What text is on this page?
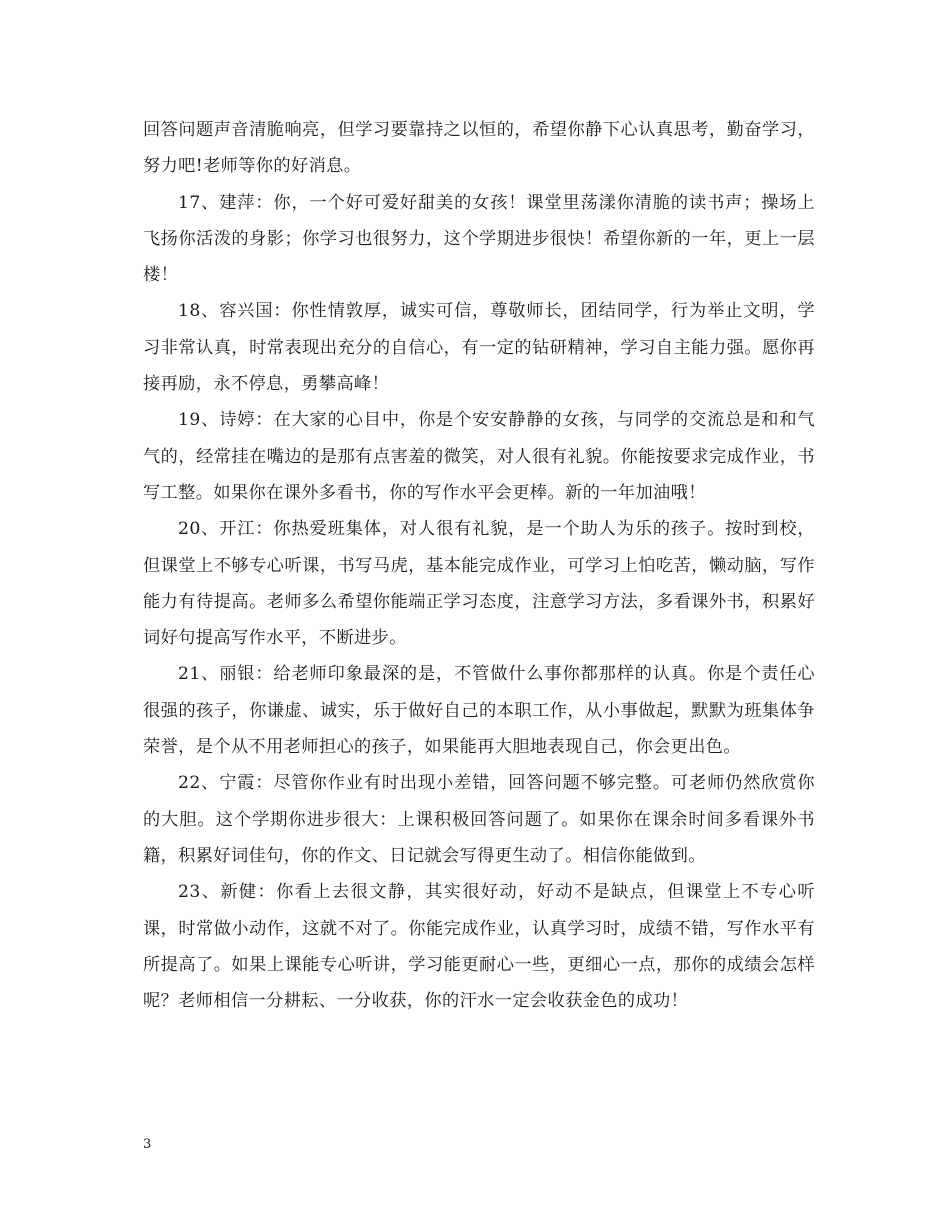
回答问题声音清脆响亮，但学习要靠持之以恒的，希望你静下心认真思考，勤奋学习，努力吧!老师等你的好消息。

17、建萍：你，一个好可爱好甜美的女孩！课堂里荡漾你清脆的读书声；操场上飞扬你活泼的身影；你学习也很努力，这个学期进步很快！希望你新的一年，更上一层楼！

18、容兴国：你性情敦厚，诚实可信，尊敬师长，团结同学，行为举止文明，学习非常认真，时常表现出充分的自信心，有一定的钻研精神，学习自主能力强。愿你再接再励，永不停息，勇攀高峰！

19、诗婷：在大家的心目中，你是个安安静静的女孩，与同学的交流总是和和气气的，经常挂在嘴边的是那有点害羞的微笑，对人很有礼貌。你能按要求完成作业，书写工整。如果你在课外多看书，你的写作水平会更棒。新的一年加油哦！

20、开江：你热爱班集体，对人很有礼貌，是一个助人为乐的孩子。按时到校，但课堂上不够专心听课，书写马虎，基本能完成作业，可学习上怕吃苦，懒动脑，写作能力有待提高。老师多么希望你能端正学习态度，注意学习方法，多看课外书，积累好词好句提高写作水平，不断进步。

21、丽银：给老师印象最深的是，不管做什么事你都那样的认真。你是个责任心很强的孩子，你谦虚、诚实，乐于做好自己的本职工作，从小事做起，默默为班集体争荣誉，是个从不用老师担心的孩子，如果能再大胆地表现自己，你会更出色。

22、宁霞：尽管你作业有时出现小差错，回答问题不够完整。可老师仍然欣赏你的大胆。这个学期你进步很大：上课积极回答问题了。如果你在课余时间多看课外书籍，积累好词佳句，你的作文、日记就会写得更生动了。相信你能做到。

23、新健：你看上去很文静，其实很好动，好动不是缺点，但课堂上不专心听课，时常做小动作，这就不对了。你能完成作业，认真学习时，成绩不错，写作水平有所提高了。如果上课能专心听讲，学习能更耐心一些，更细心一点，那你的成绩会怎样呢？老师相信一分耕耘、一分收获，你的汗水一定会收获金色的成功！

3
